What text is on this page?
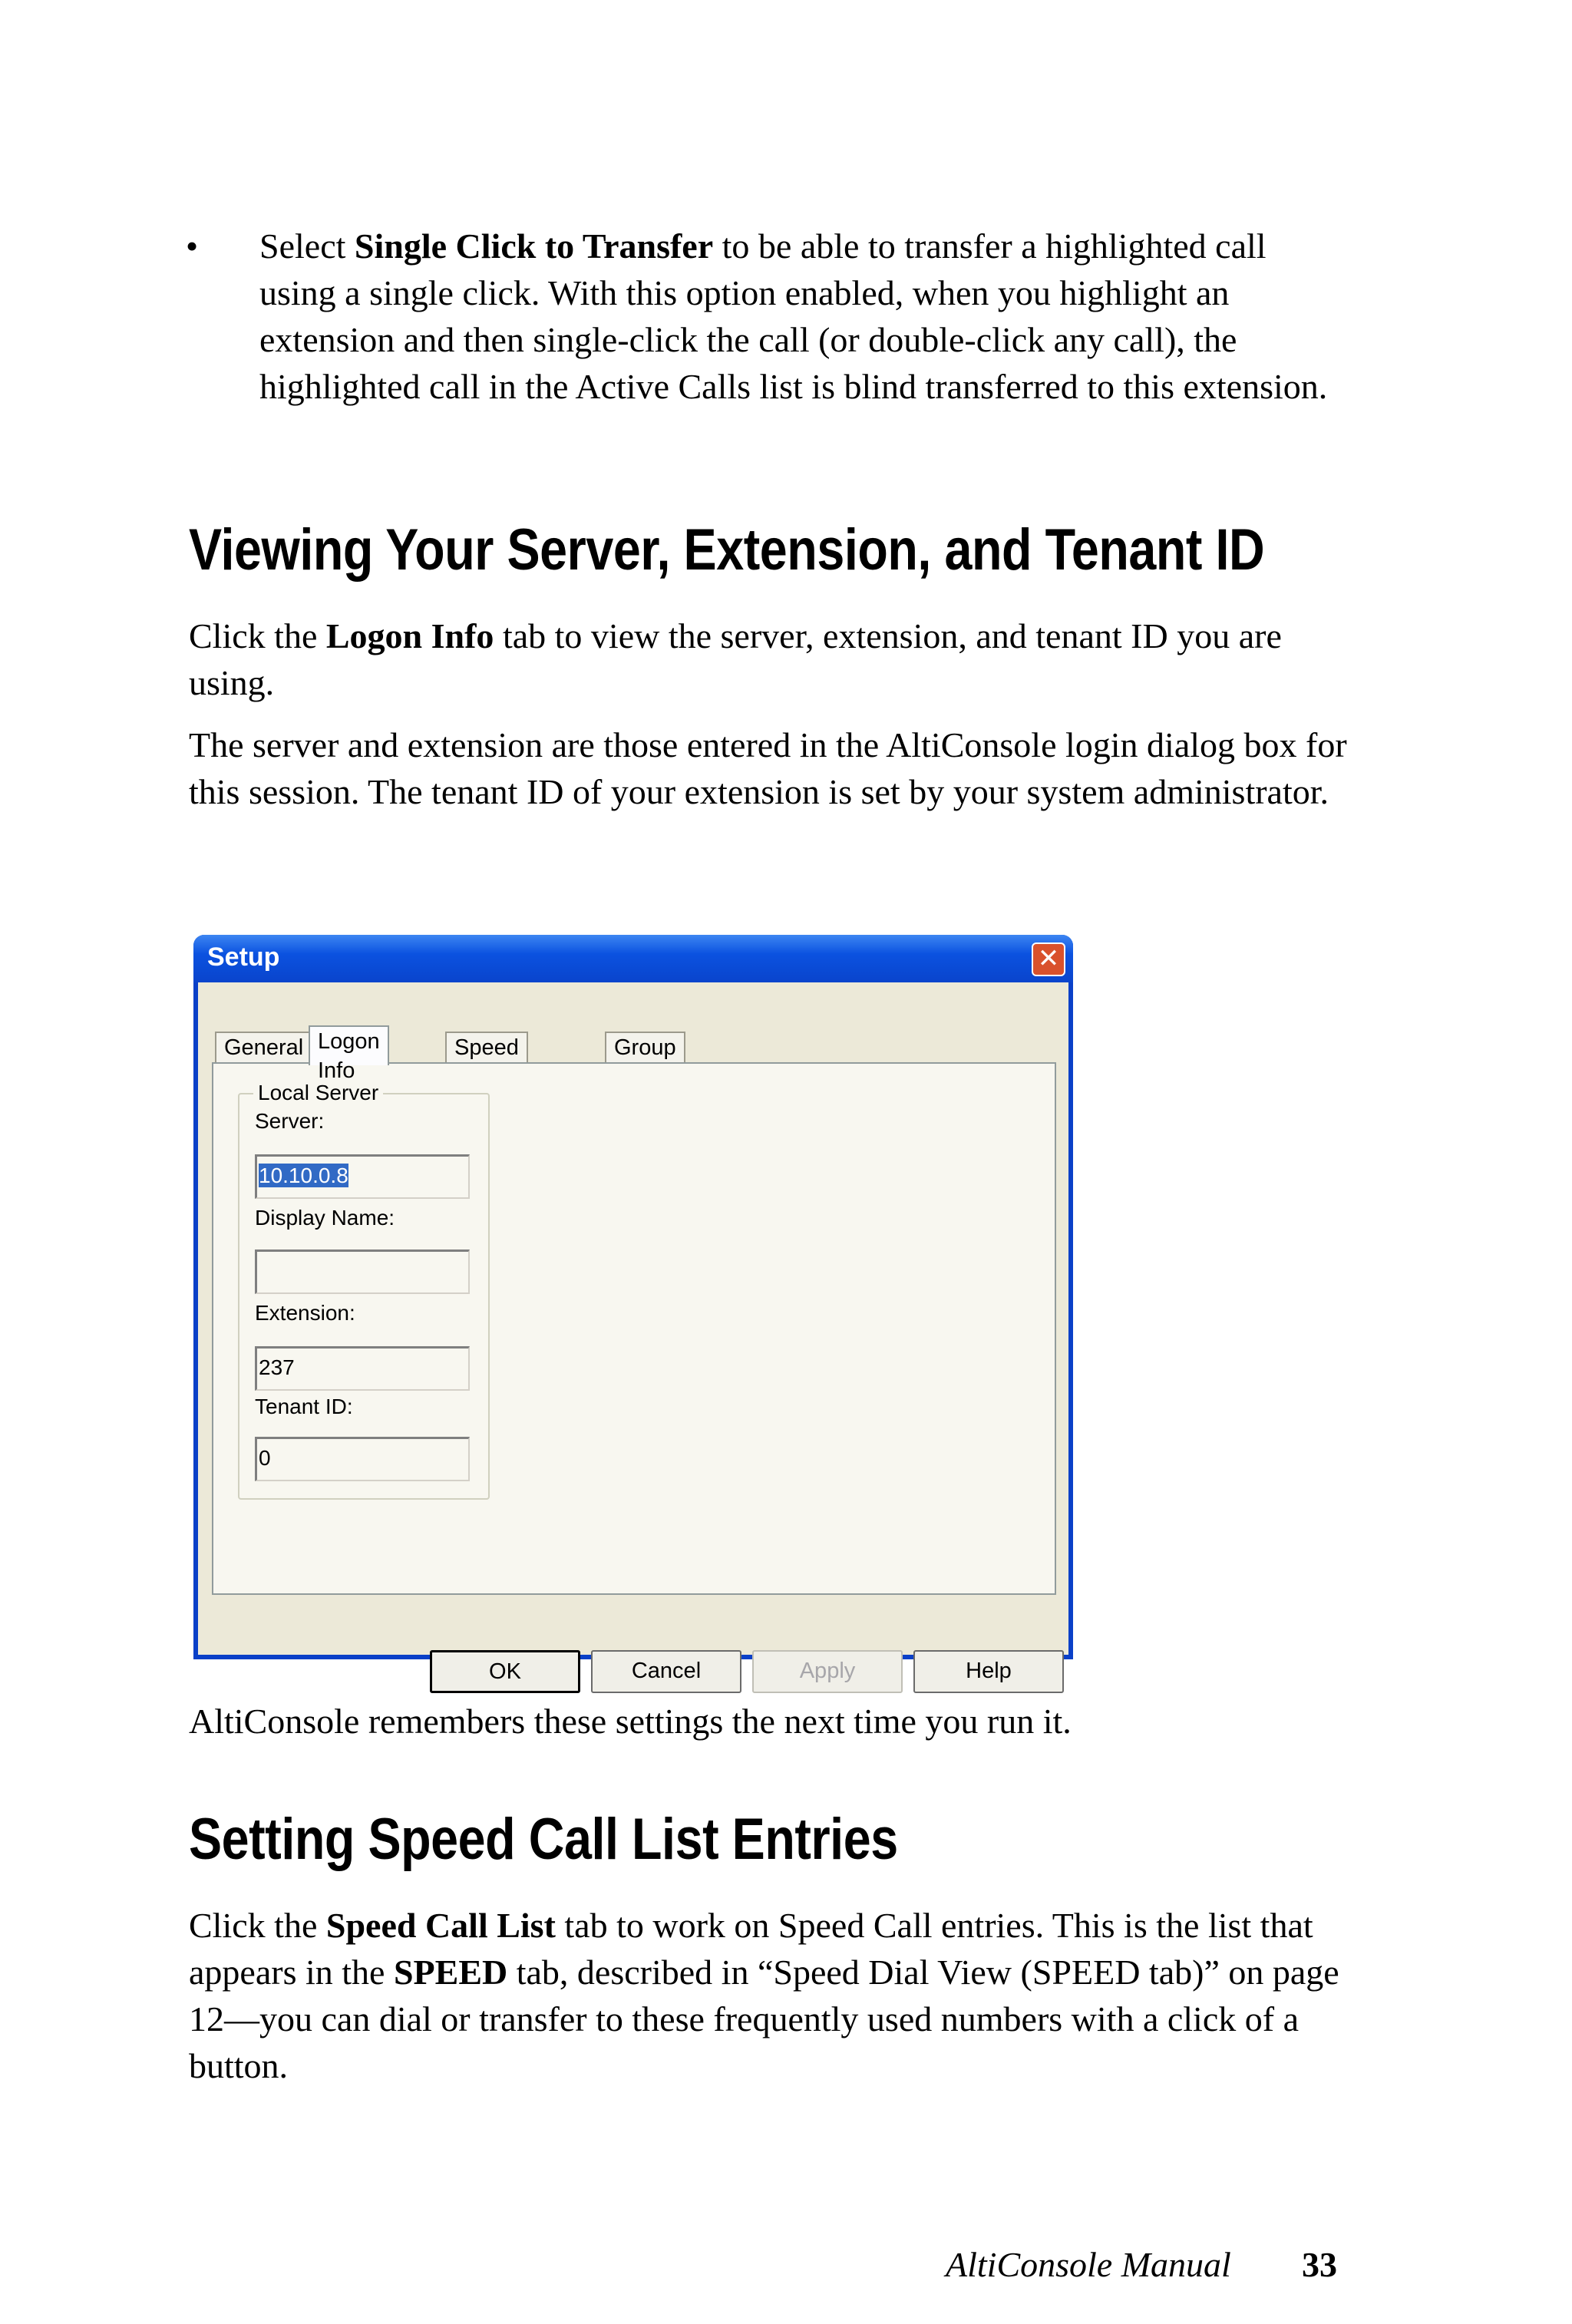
• Select Single Click to Transfer to be able to transfer a highlighted call using a single click. With this option enabled, when you highlight an extension and then single-click the call (or double-click any call), the highlighted call in the Active Calls list is blind transferred to this extension.
Viewing Your Server, Extension, and Tenant ID
Click the Logon Info tab to view the server, extension, and tenant ID you are using.
The server and extension are those entered in the AltiConsole login dialog box for this session. The tenant ID of your extension is set by your system administrator.
Setup	✕
General Logon Info
Speed	Group
Local Server
Server:
10.10.0.8
Display Name:
Extension:
237
Tenant ID:
0
OK	Cancel	Apply	Help
AltiConsole remembers these settings the next time you run it.
Setting Speed Call List Entries
Click the Speed Call List tab to work on Speed Call entries. This is the list that appears in the SPEED tab, described in “Speed Dial View (SPEED tab)” on page 12—you can dial or transfer to these frequently used numbers with a click of a button.
AltiConsole Manual 33
